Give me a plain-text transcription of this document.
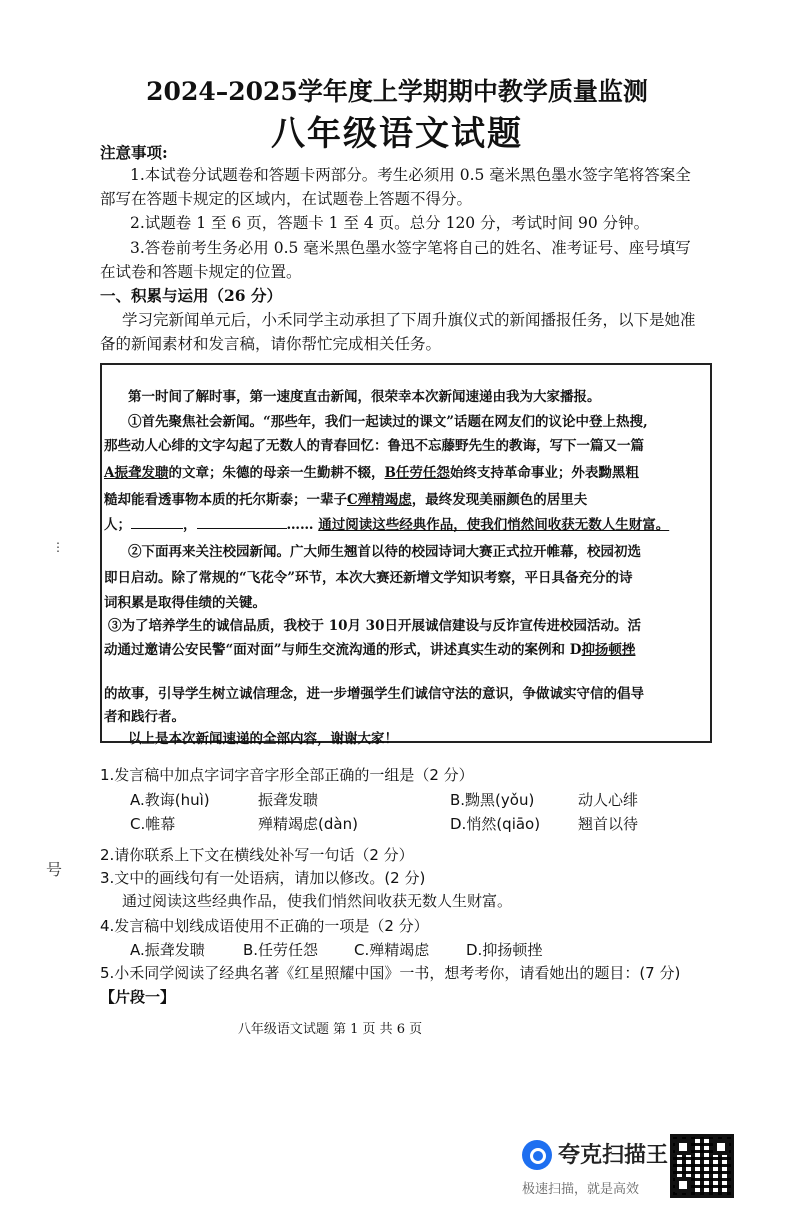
2024–2025学年度上学期期中教学质量监测
八年级语文试题
注意事项:
1.本试卷分试题卷和答题卡两部分。考生必须用 0.5 毫米黑色墨水签字笔将答案全
部写在答题卡规定的区域内，在试题卷上答题不得分。
2.试题卷 1 至 6 页，答题卡 1 至 4 页。总分 120 分，考试时间 90 分钟。
3.答卷前考生务必用 0.5 毫米黑色墨水签字笔将自己的姓名、准考证号、座号填写
在试卷和答题卡规定的位置。
一、积累与运用（26 分）
学习完新闻单元后，小禾同学主动承担了下周升旗仪式的新闻播报任务，以下是她准
备的新闻素材和发言稿，请你帮忙完成相关任务。
第一时间了解时事，第一速度直击新闻，很荣幸本次新闻速递由我为大家播报。
①首先聚焦社会新闻。“那些年，我们一起读过的课文”话题在网友们的议论中登上热搜,
那些动人心绯的文字勾起了无数人的青春回忆：鲁迅不忘藤野先生的教诲，写下一篇又一篇
A振聋发聩的文章；朱德的母亲一生勤耕不辍，B任劳任怨始终支持革命事业；外表黝黑粗
糙却能看透事物本质的托尔斯泰；一辈子C殚精竭虑，最终发现美丽颜色的居里夫
人；	，	…… 通过阅读这些经典作品，使我们悄然间收获无数人生财富。
②下面再来关注校园新闻。广大师生翘首以待的校园诗词大赛正式拉开帷幕，校园初选
即日启动。除了常规的“飞花令”环节，本次大赛还新增文学知识考察，平日具备充分的诗
词积累是取得佳绩的关键。
③为了培养学生的诚信品质，我校于 10月 30日开展诚信建设与反诈宣传进校园活动。活
动通过邀请公安民警“面对面”与师生交流沟通的形式，讲述真实生动的案例和 D抑扬顿挫
的故事，引导学生树立诚信理念，进一步增强学生们诚信守法的意识，争做诚实守信的倡导
者和践行者。
以上是本次新闻速递的全部内容，谢谢大家！
1.发言稿中加点字词字音字形全部正确的一组是（2 分）
A.教诲(huì)	振聋发聩	B.黝黑(yǒu)	动人心绯
C.帷幕	殚精竭虑(dàn)	D.悄然(qiāo)	翘首以待
2.请你联系上下文在横线处补写一句话（2 分）
3.文中的画线句有一处语病，请加以修改。(2 分)
通过阅读这些经典作品，使我们悄然间收获无数人生财富。
4.发言稿中划线成语使用不正确的一项是（2 分）
A.振聋发聩	B.任劳任怨 C.殚精竭虑 D.抑扬顿挫
5.小禾同学阅读了经典名著《红星照耀中国》一书，想考考你，请看她出的题目：(7 分)
【片段一】
八年级语文试题 第 1 页 共 6 页
号
⋮
夸克扫描王
极速扫描，就是高效
